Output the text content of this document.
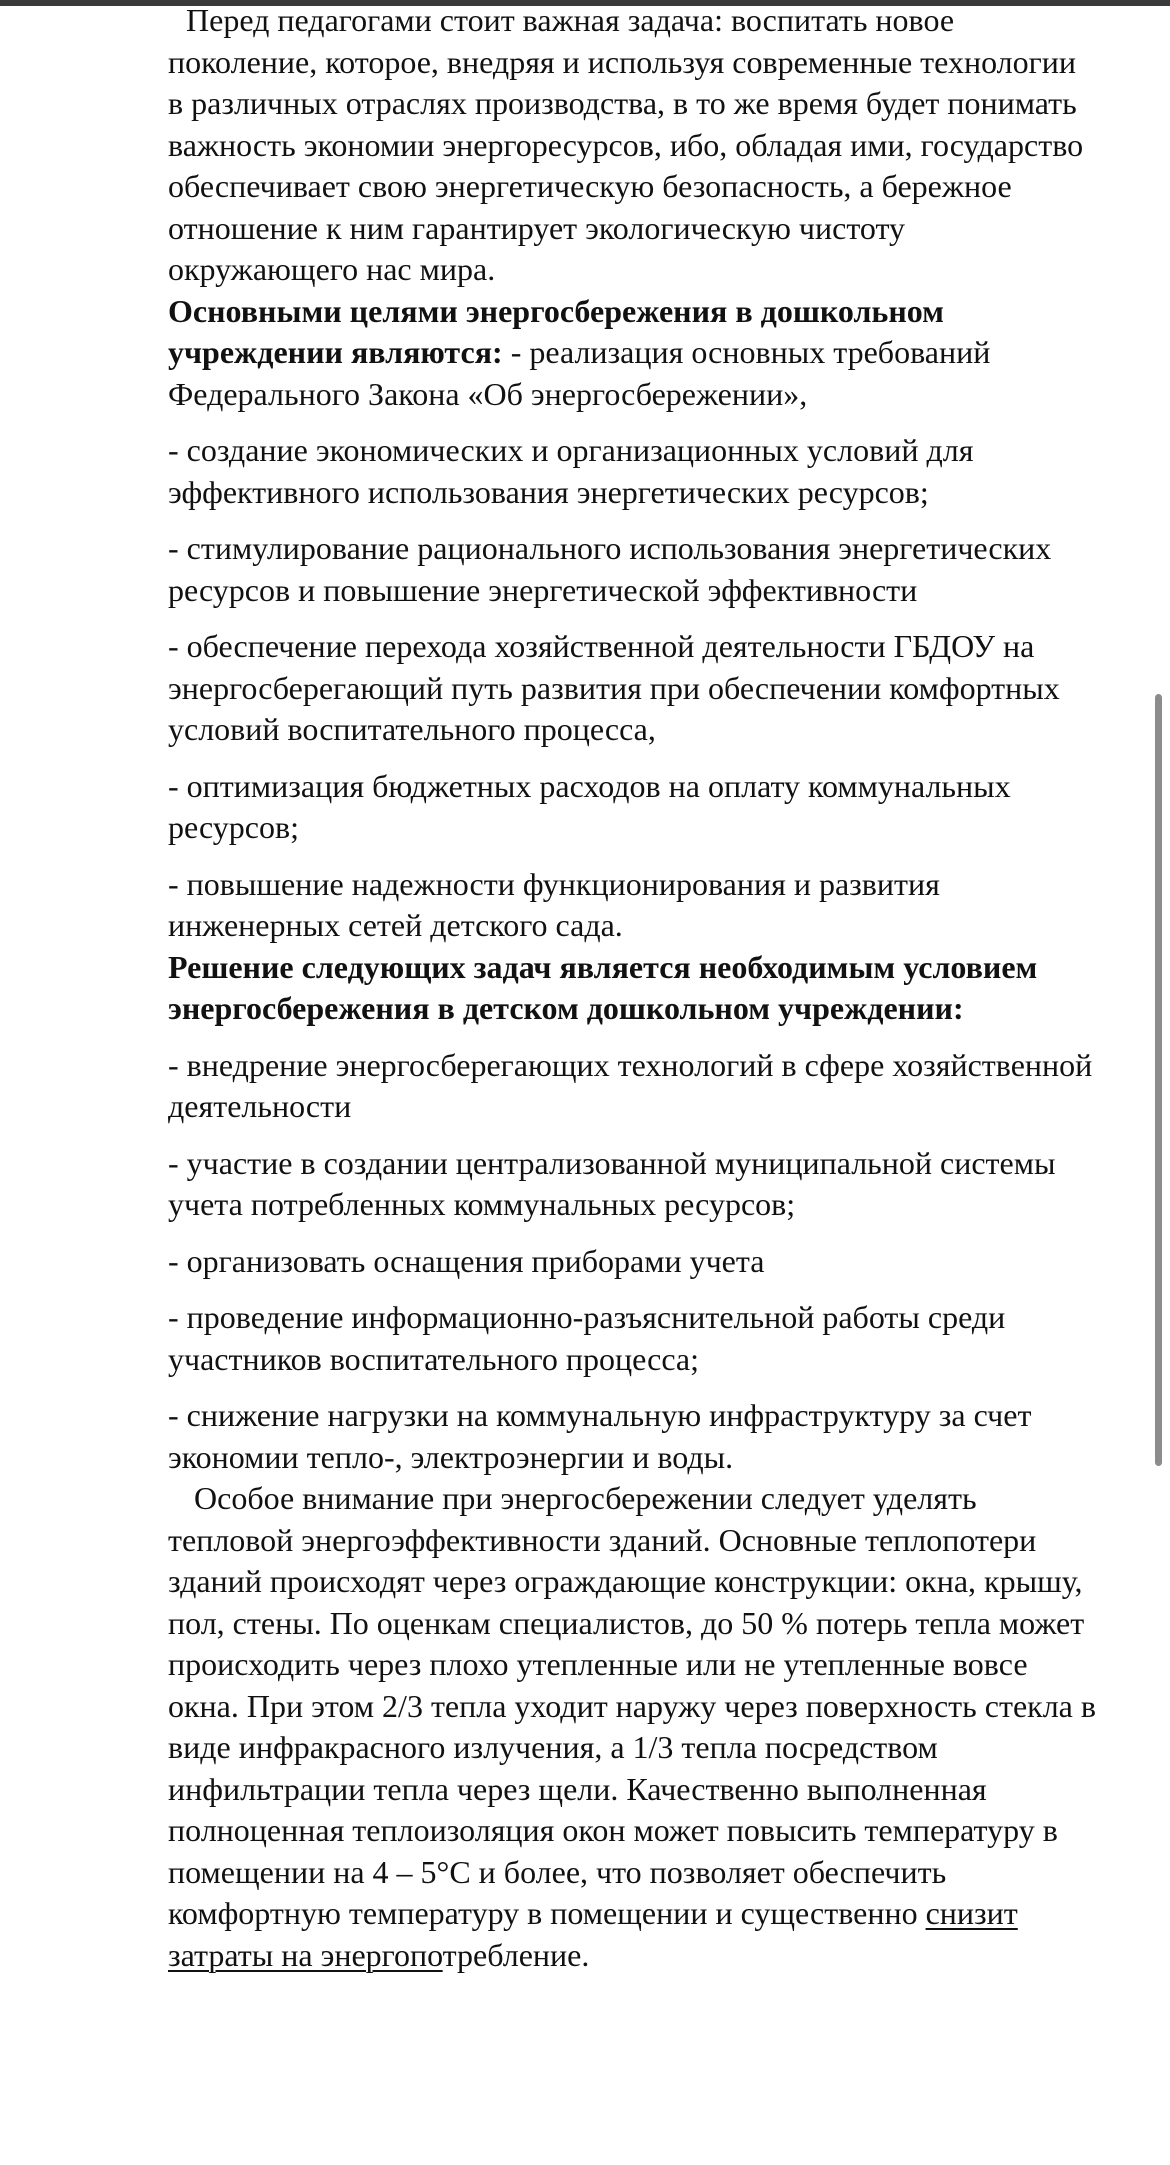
Перед педагогами стоит важная задача: воспитать новое поколение, которое, внедряя и используя современные технологии в различных отраслях производства, в то же время будет понимать важность экономии энергоресурсов, ибо, обладая ими, государство обеспечивает свою энергетическую безопасность, а бережное отношение к ним гарантирует экологическую чистоту окружающего нас мира.

Основными целями энергосбережения в дошкольном учреждении являются: - реализация основных требований Федерального Закона «Об энергосбережении»,

- создание экономических и организационных условий для эффективного использования энергетических ресурсов;

- стимулирование рационального использования энергетических ресурсов и повышение энергетической эффективности

- обеспечение перехода хозяйственной деятельности ГБДОУ на энергосберегающий путь развития при обеспечении комфортных условий воспитательного процесса,

- оптимизация бюджетных расходов на оплату коммунальных ресурсов;

- повышение надежности функционирования и развития инженерных сетей детского сада.

Решение следующих задач является необходимым условием энергосбережения в детском дошкольном учреждении:

- внедрение энергосберегающих технологий в сфере хозяйственной деятельности

- участие в создании централизованной муниципальной системы учета потребленных коммунальных ресурсов;

- организовать оснащения приборами учета

- проведение информационно-разъяснительной работы среди участников воспитательного процесса;

- снижение нагрузки на коммунальную инфраструктуру за счет экономии тепло-, электроэнергии и воды.

Особое внимание при энергосбережении следует уделять тепловой энергоэффективности зданий. Основные теплопотери зданий происходят через ограждающие конструкции: окна, крышу, пол, стены. По оценкам специалистов, до 50 % потерь тепла может происходить через плохо утепленные или не утепленные вовсе окна. При этом 2/3 тепла уходит наружу через поверхность стекла в виде инфракрасного излучения, а 1/3 тепла посредством инфильтрации тепла через щели. Качественно выполненная полноценная теплоизоляция окон может повысить температуру в помещении на 4 – 5°C и более, что позволяет обеспечить комфортную температуру в помещении и существенно снизит затраты на энергопотребление.
